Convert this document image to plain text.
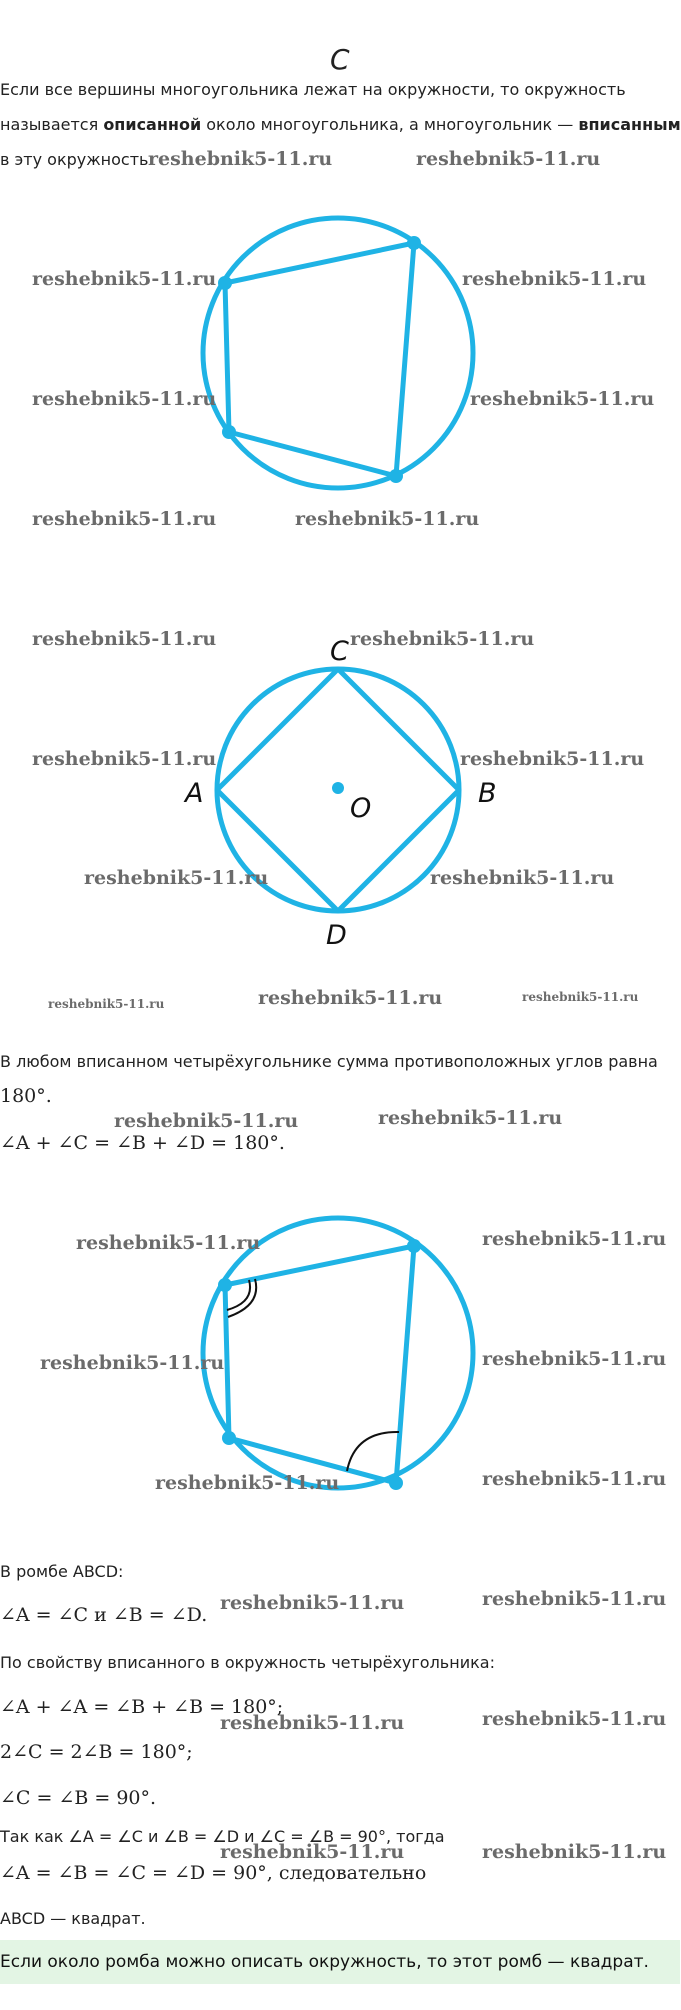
C
Если все вершины многоугольника лежат на окружности, то окружность
называется описанной около многоугольника, а многоугольник — вписанным
в эту окружность.
C
A	B
D
O
В любом вписанном четырёхугольнике сумма противоположных углов равна
180°.
∠A + ∠C = ∠B + ∠D = 180°.
В ромбе ABCD:
∠A = ∠C и ∠B = ∠D.
По свойству вписанного в окружность четырёхугольника:
∠A + ∠A = ∠B + ∠B = 180°;
2∠C = 2∠B = 180°;
∠C = ∠B = 90°.
Так как ∠A = ∠C и ∠B = ∠D и ∠C = ∠B = 90°, тогда
∠A = ∠B = ∠C = ∠D = 90°, следовательно
ABCD — квадрат.
Если около ромба можно описать окружность, то этот ромб — квадрат.
reshebnik5-11.ru	reshebnik5-11.ru
reshebnik5-11.ru	reshebnik5-11.ru
reshebnik5-11.ru	reshebnik5-11.ru
reshebnik5-11.ru	reshebnik5-11.ru
reshebnik5-11.ru	reshebnik5-11.ru
reshebnik5-11.ru	reshebnik5-11.ru
reshebnik5-11.ru	reshebnik5-11.ru
reshebnik5-11.ru	reshebnik5-11.ru	reshebnik5-11.ru
reshebnik5-11.ru	reshebnik5-11.ru
reshebnik5-11.ru	reshebnik5-11.ru
reshebnik5-11.ru	reshebnik5-11.ru
reshebnik5-11.ru	reshebnik5-11.ru
reshebnik5-11.ru	reshebnik5-11.ru
reshebnik5-11.ru	reshebnik5-11.ru
reshebnik5-11.ru	reshebnik5-11.ru
